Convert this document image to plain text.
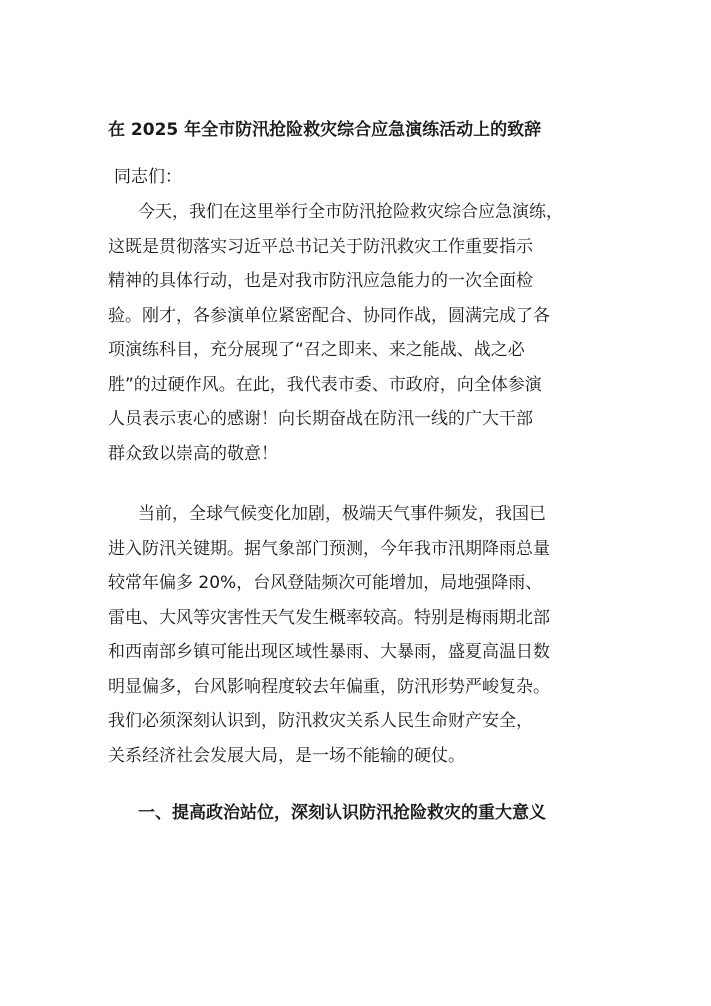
在 2025 年全市防汛抢险救灾综合应急演练活动上的致辞

同志们：

今天，我们在这里举行全市防汛抢险救灾综合应急演练，
这既是贯彻落实习近平总书记关于防汛救灾工作重要指示
精神的具体行动，也是对我市防汛应急能力的一次全面检
验。刚才，各参演单位紧密配合、协同作战，圆满完成了各
项演练科目，充分展现了“召之即来、来之能战、战之必
胜”的过硬作风。在此，我代表市委、市政府，向全体参演
人员表示衷心的感谢！向长期奋战在防汛一线的广大干部
群众致以崇高的敬意！

当前，全球气候变化加剧，极端天气事件频发，我国已
进入防汛关键期。据气象部门预测，今年我市汛期降雨总量
较常年偏多 20%，台风登陆频次可能增加，局地强降雨、
雷电、大风等灾害性天气发生概率较高。特别是梅雨期北部
和西南部乡镇可能出现区域性暴雨、大暴雨，盛夏高温日数
明显偏多，台风影响程度较去年偏重，防汛形势严峻复杂。
我们必须深刻认识到，防汛救灾关系人民生命财产安全，
关系经济社会发展大局，是一场不能输的硬仗。

一、提高政治站位，深刻认识防汛抢险救灾的重大意义
